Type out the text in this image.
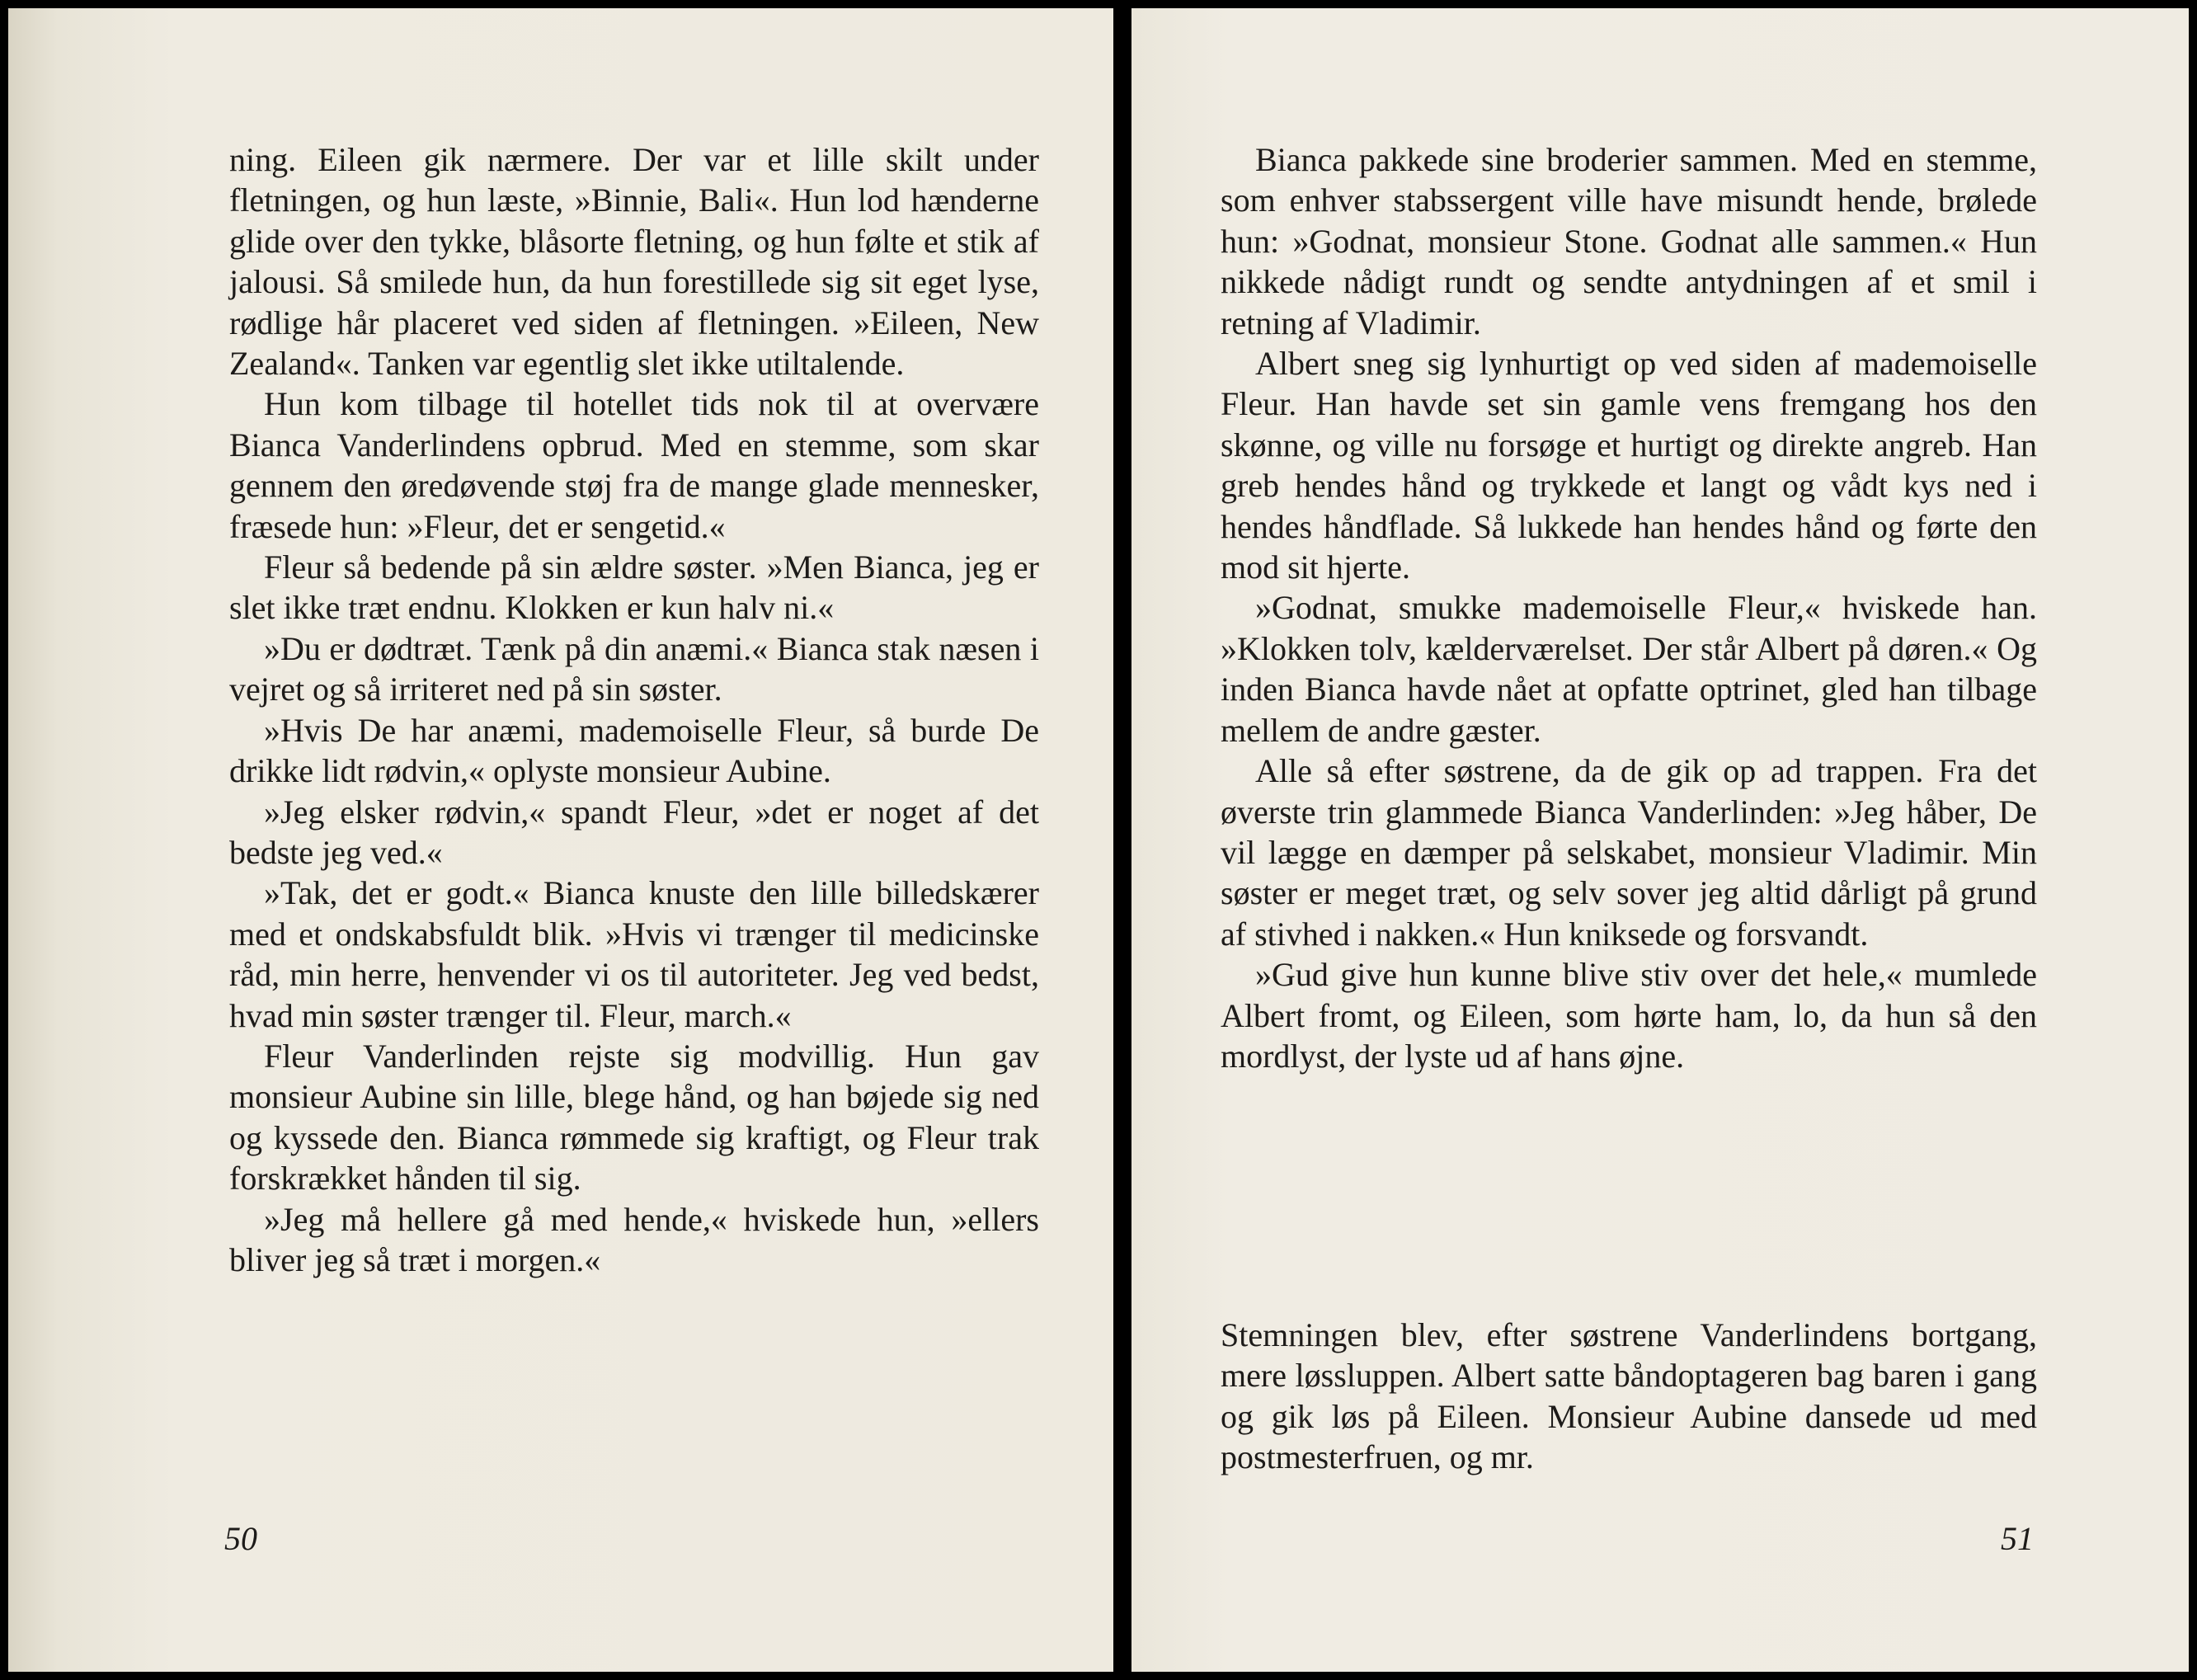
ning. Eileen gik nærmere. Der var et lille skilt under fletningen, og hun læste, »Binnie, Bali«. Hun lod hænderne glide over den tykke, blåsorte fletning, og hun følte et stik af jalousi. Så smilede hun, da hun forestillede sig sit eget lyse, rødlige hår placeret ved siden af fletningen. »Eileen, New Zealand«. Tanken var egentlig slet ikke utiltalende.

Hun kom tilbage til hotellet tids nok til at overvære Bianca Vanderlindens opbrud. Med en stemme, som skar gennem den øredøvende støj fra de mange glade mennesker, fræsede hun: »Fleur, det er sengetid.«

Fleur så bedende på sin ældre søster. »Men Bianca, jeg er slet ikke træt endnu. Klokken er kun halv ni.«

»Du er dødtræt. Tænk på din anæmi.« Bianca stak næsen i vejret og så irriteret ned på sin søster.

»Hvis De har anæmi, mademoiselle Fleur, så burde De drikke lidt rødvin,« oplyste monsieur Aubine.

»Jeg elsker rødvin,« spandt Fleur, »det er noget af det bedste jeg ved.«

»Tak, det er godt.« Bianca knuste den lille billedskærer med et ondskabsfuldt blik. »Hvis vi trænger til medicinske råd, min herre, henvender vi os til autoriteter. Jeg ved bedst, hvad min søster trænger til. Fleur, march.«

Fleur Vanderlinden rejste sig modvillig. Hun gav monsieur Aubine sin lille, blege hånd, og han bøjede sig ned og kyssede den. Bianca rømmede sig kraftigt, og Fleur trak forskrækket hånden til sig.

»Jeg må hellere gå med hende,« hviskede hun, »ellers bliver jeg så træt i morgen.«

50

Bianca pakkede sine broderier sammen. Med en stemme, som enhver stabssergent ville have misundt hende, brølede hun: »Godnat, monsieur Stone. Godnat alle sammen.« Hun nikkede nådigt rundt og sendte antydningen af et smil i retning af Vladimir.

Albert sneg sig lynhurtigt op ved siden af mademoiselle Fleur. Han havde set sin gamle vens fremgang hos den skønne, og ville nu forsøge et hurtigt og direkte angreb. Han greb hendes hånd og trykkede et langt og vådt kys ned i hendes håndflade. Så lukkede han hendes hånd og førte den mod sit hjerte.

»Godnat, smukke mademoiselle Fleur,« hviskede han. »Klokken tolv, kælderværelset. Der står Albert på døren.« Og inden Bianca havde nået at opfatte optrinet, gled han tilbage mellem de andre gæster.

Alle så efter søstrene, da de gik op ad trappen. Fra det øverste trin glammede Bianca Vanderlinden: »Jeg håber, De vil lægge en dæmper på selskabet, monsieur Vladimir. Min søster er meget træt, og selv sover jeg altid dårligt på grund af stivhed i nakken.« Hun kniksede og forsvandt.

»Gud give hun kunne blive stiv over det hele,« mumlede Albert fromt, og Eileen, som hørte ham, lo, da hun så den mordlyst, der lyste ud af hans øjne.

Stemningen blev, efter søstrene Vanderlindens bortgang, mere løssluppen. Albert satte båndoptageren bag baren i gang og gik løs på Eileen. Monsieur Aubine dansede ud med postmesterfruen, og mr.

51
